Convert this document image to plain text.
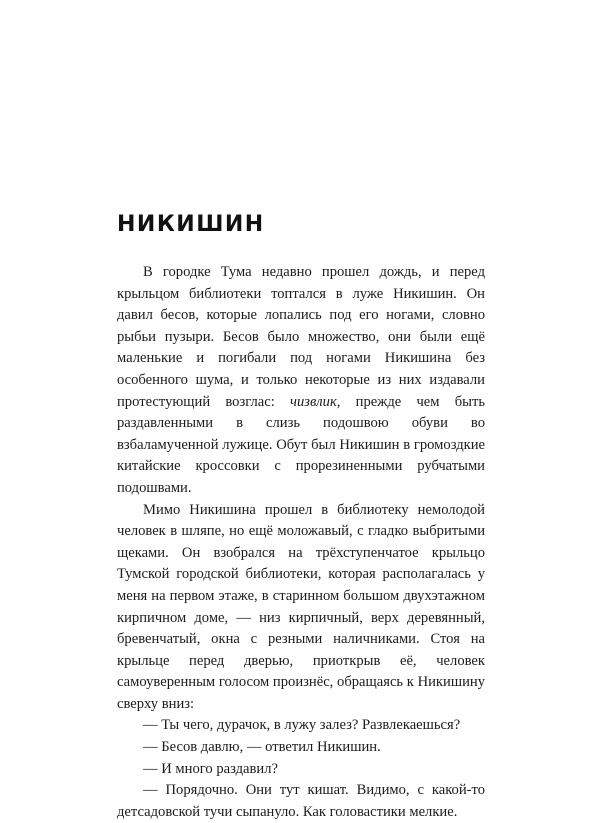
НИКИШИН

В городке Тума недавно прошел дождь, и перед крыльцом библиотеки топтался в луже Никишин. Он давил бесов, которые лопались под его ногами, словно рыбьи пузыри. Бесов было множество, они были ещё маленькие и погибали под ногами Никишина без особенного шума, и только некоторые из них издавали протестующий возглас: чизвлик, прежде чем быть раздавленными в слизь подошвою обуви во взбаламученной лужице. Обут был Никишин в громоздкие китайские кроссовки с прорезиненными рубчатыми подошвами.

Мимо Никишина прошел в библиотеку немолодой человек в шляпе, но ещё моложавый, с гладко выбритыми щеками. Он взобрался на трёхступенчатое крыльцо Тумской городской библиотеки, которая располагалась у меня на первом этаже, в старинном большом двухэтажном кирпичном доме, — низ кирпичный, верх деревянный, бревенчатый, окна с резными наличниками. Стоя на крыльце перед дверью, приоткрыв её, человек самоуверенным голосом произнёс, обращаясь к Никишину сверху вниз:

— Ты чего, дурачок, в лужу залез? Развлекаешься?

— Бесов давлю, — ответил Никишин.

— И много раздавил?

— Порядочно. Они тут кишат. Видимо, с какой-то детсадовской тучи сыпануло. Как головастики мелкие.
